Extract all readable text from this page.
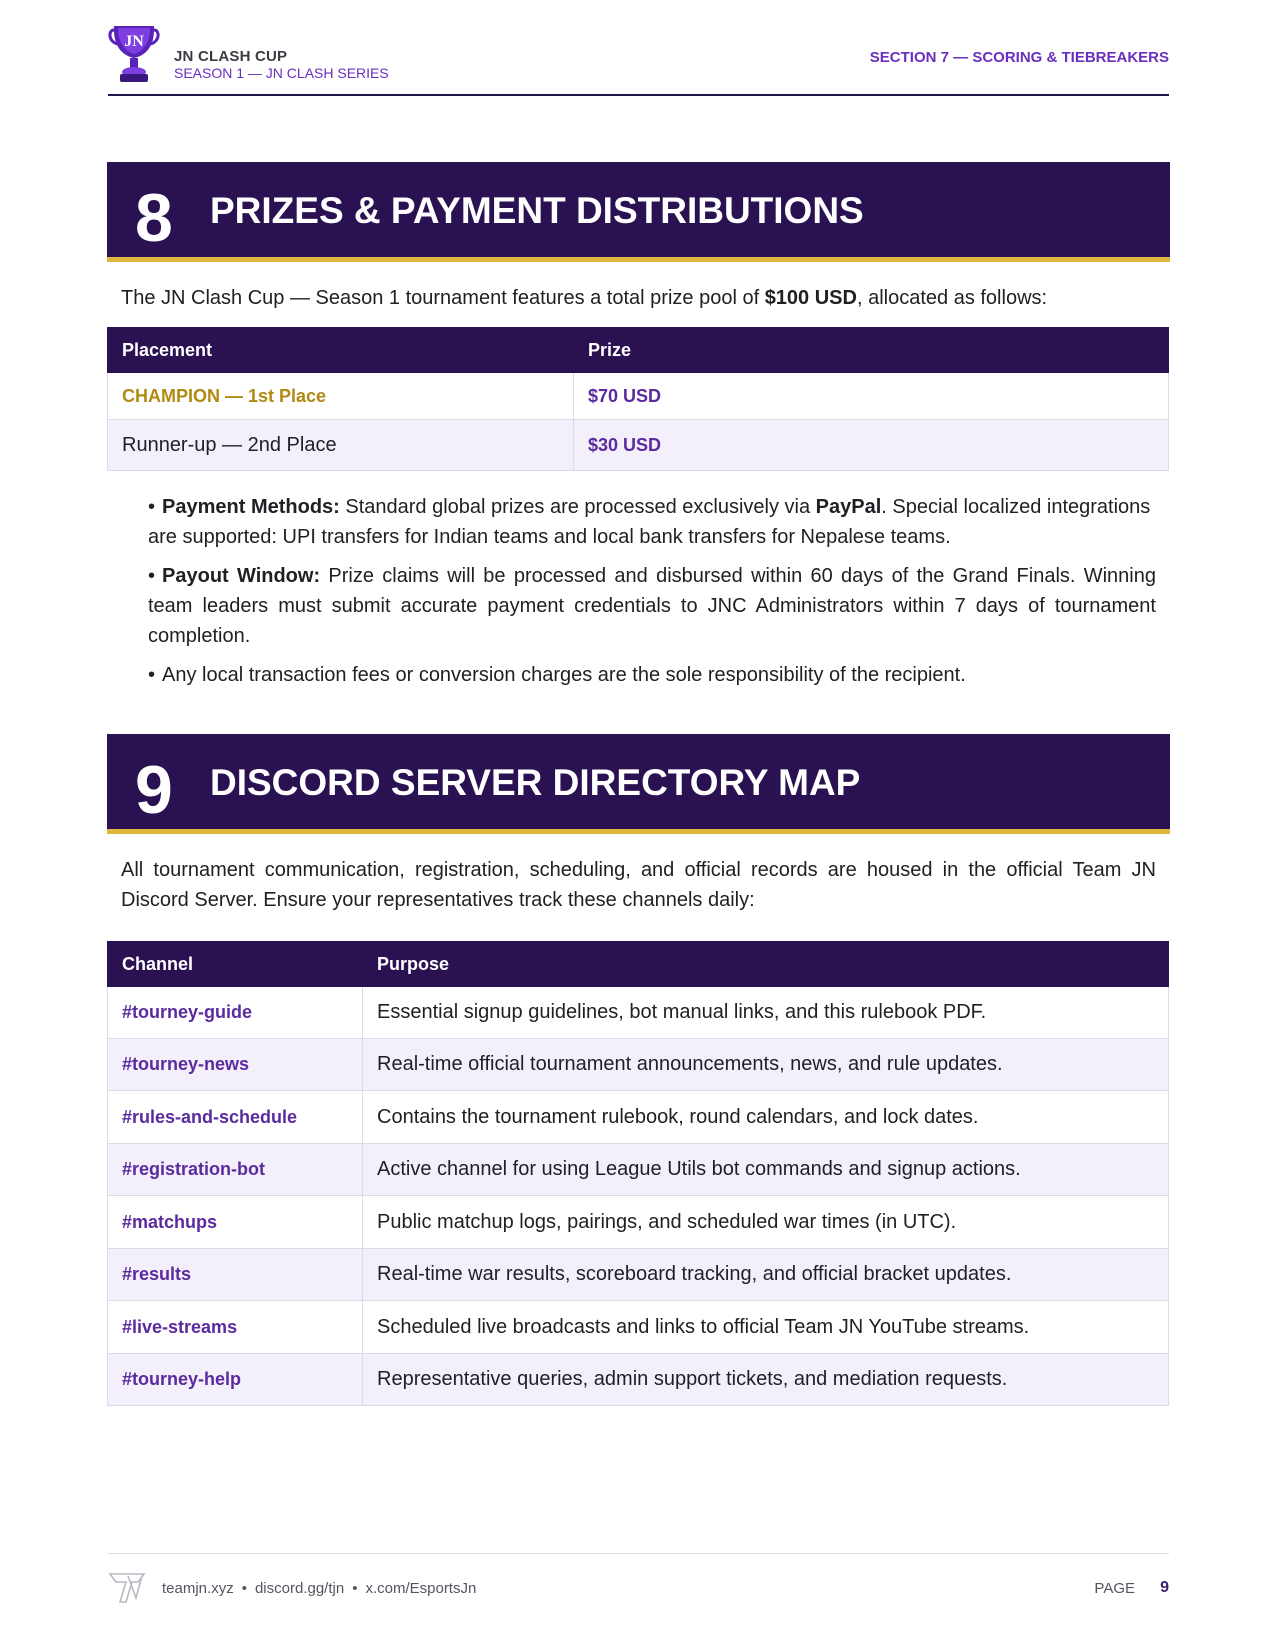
JN
JN CLASH CUP
SEASON 1 — JN CLASH SERIES
SECTION 7 — SCORING & TIEBREAKERS
8 PRIZES & PAYMENT DISTRIBUTIONS
The JN Clash Cup — Season 1 tournament features a total prize pool of $100 USD, allocated as follows:
Placement	Prize
CHAMPION — 1st Place	$70 USD
Runner-up — 2nd Place	$30 USD
• Payment Methods: Standard global prizes are processed exclusively via PayPal. Special localized integrations are supported: UPI transfers for Indian teams and local bank transfers for Nepalese teams.
• Payout Window: Prize claims will be processed and disbursed within 60 days of the Grand Finals. Winning team leaders must submit accurate payment credentials to JNC Administrators within 7 days of tournament completion.
• Any local transaction fees or conversion charges are the sole responsibility of the recipient.
9 DISCORD SERVER DIRECTORY MAP
All tournament communication, registration, scheduling, and official records are housed in the official Team JN Discord Server. Ensure your representatives track these channels daily:
Channel	Purpose
#tourney-guide	Essential signup guidelines, bot manual links, and this rulebook PDF.
#tourney-news	Real-time official tournament announcements, news, and rule updates.
#rules-and-schedule	Contains the tournament rulebook, round calendars, and lock dates.
#registration-bot	Active channel for using League Utils bot commands and signup actions.
#matchups	Public matchup logs, pairings, and scheduled war times (in UTC).
#results	Real-time war results, scoreboard tracking, and official bracket updates.
#live-streams	Scheduled live broadcasts and links to official Team JN YouTube streams.
#tourney-help	Representative queries, admin support tickets, and mediation requests.
teamjn.xyz • discord.gg/tjn • x.com/EsportsJn	PAGE 9
